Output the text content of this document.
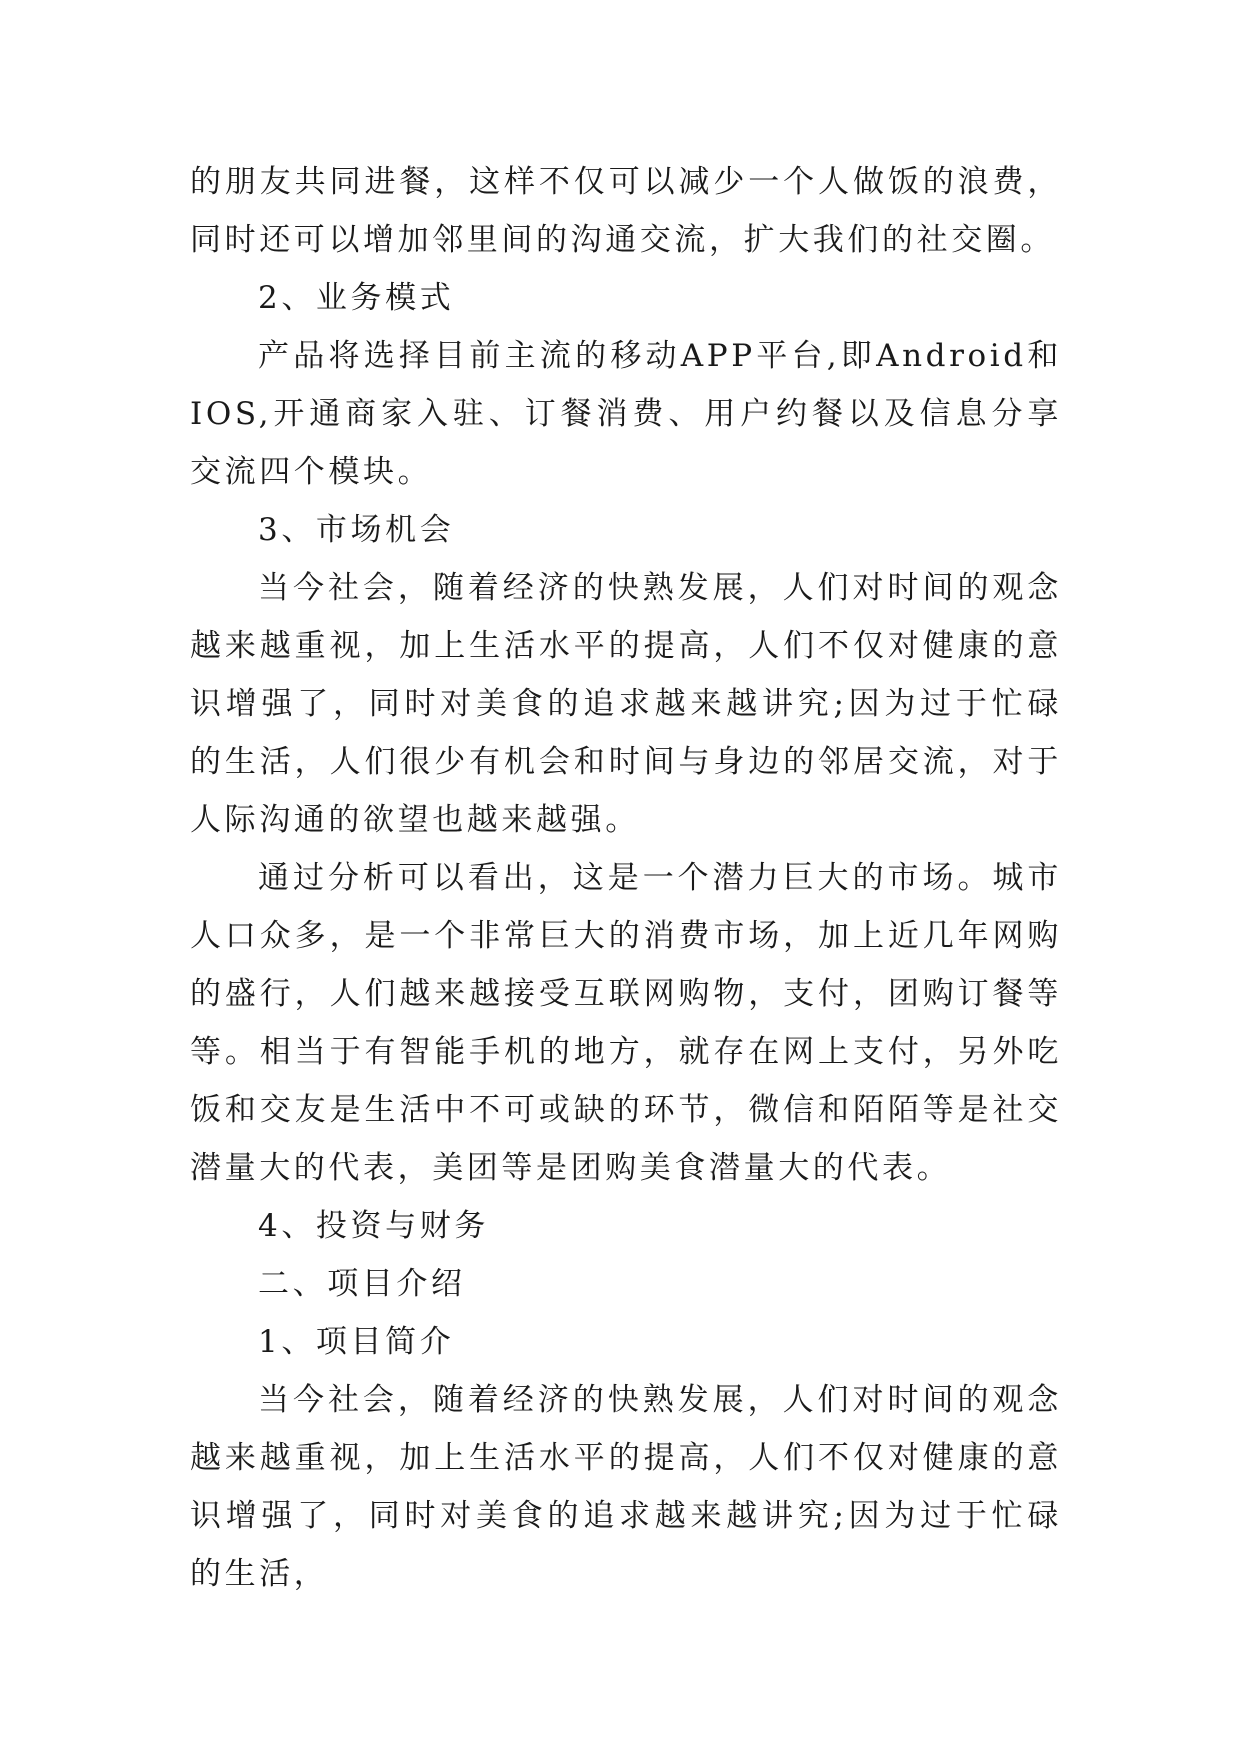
的朋友共同进餐，这样不仅可以减少一个人做饭的浪费，同时还可以增加邻里间的沟通交流，扩大我们的社交圈。

2、业务模式

产品将选择目前主流的移动APP平台,即Android和IOS,开通商家入驻、订餐消费、用户约餐以及信息分享交流四个模块。

3、市场机会

当今社会，随着经济的快熟发展，人们对时间的观念越来越重视，加上生活水平的提高，人们不仅对健康的意识增强了，同时对美食的追求越来越讲究;因为过于忙碌的生活，人们很少有机会和时间与身边的邻居交流，对于人际沟通的欲望也越来越强。

通过分析可以看出，这是一个潜力巨大的市场。城市人口众多，是一个非常巨大的消费市场，加上近几年网购的盛行，人们越来越接受互联网购物，支付，团购订餐等等。相当于有智能手机的地方，就存在网上支付，另外吃饭和交友是生活中不可或缺的环节，微信和陌陌等是社交潜量大的代表，美团等是团购美食潜量大的代表。

4、投资与财务

二、项目介绍

1、项目简介

当今社会，随着经济的快熟发展，人们对时间的观念越来越重视，加上生活水平的提高，人们不仅对健康的意识增强了，同时对美食的追求越来越讲究;因为过于忙碌的生活，
